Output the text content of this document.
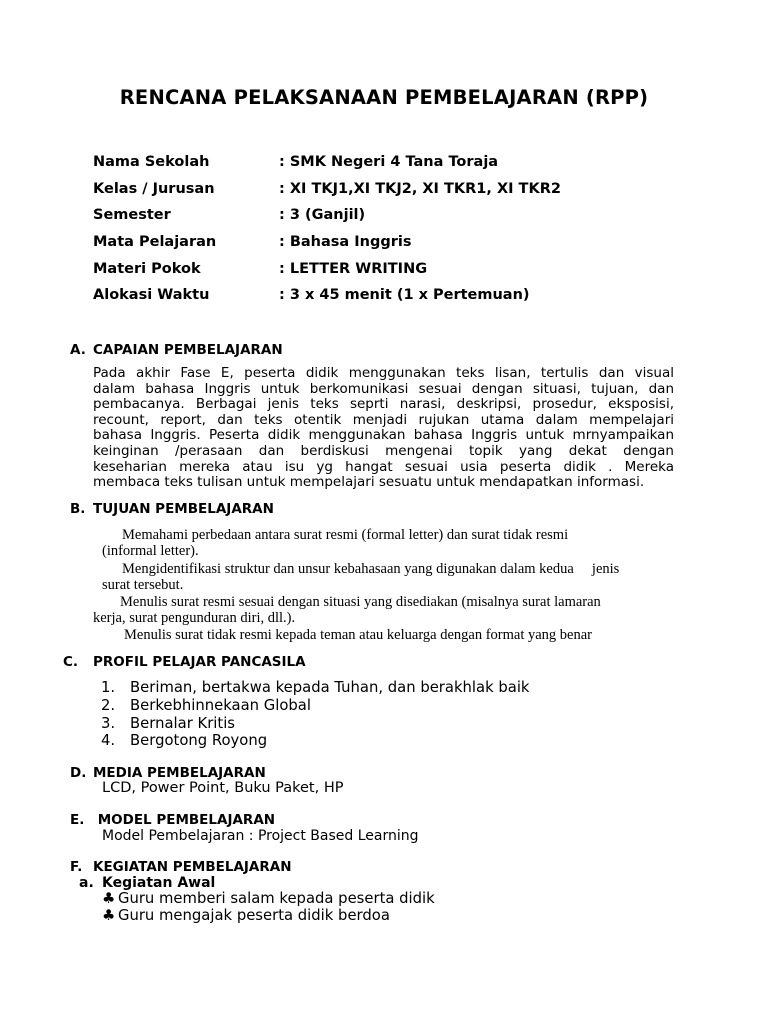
RENCANA PELAKSANAAN PEMBELAJARAN (RPP)
Nama Sekolah	: SMK Negeri 4 Tana Toraja
Kelas / Jurusan	: XI TKJ1,XI TKJ2, XI TKR1, XI TKR2
Semester	: 3 (Ganjil)
Mata Pelajaran	: Bahasa Inggris
Materi Pokok	: LETTER WRITING
Alokasi Waktu	: 3 x 45 menit (1 x Pertemuan)
A. CAPAIAN PEMBELAJARAN

Pada akhir Fase E, peserta didik menggunakan teks lisan, tertulis dan visual

dalam bahasa Inggris untuk berkomunikasi sesuai dengan situasi, tujuan, dan

pembacanya. Berbagai jenis teks seprti narasi, deskripsi, prosedur, eksposisi,

recount, report, dan teks otentik menjadi rujukan utama dalam mempelajari

bahasa Inggris. Peserta didik menggunakan bahasa Inggris untuk mrnyampaikan

keinginan /perasaan dan berdiskusi mengenai topik yang dekat dengan

keseharian mereka atau isu yg hangat sesuai usia peserta didik . Mereka

membaca teks tulisan untuk mempelajari sesuatu untuk mendapatkan informasi.

B. TUJUAN PEMBELAJARAN
Memahami perbedaan antara surat resmi (formal letter) dan surat tidak resmi
(informal letter).
Mengidentifikasi struktur dan unsur kebahasaan yang digunakan dalam kedua     jenis
surat tersebut.
Menulis surat resmi sesuai dengan situasi yang disediakan (misalnya surat lamaran
kerja, surat pengunduran diri, dll.).
Menulis surat tidak resmi kepada teman atau keluarga dengan format yang benar
C. PROFIL PELAJAR PANCASILA
1. Beriman, bertakwa kepada Tuhan, dan berakhlak baik
2. Berkebhinnekaan Global
3. Bernalar Kritis
4. Bergotong Royong
D. MEDIA PEMBELAJARAN
LCD, Power Point, Buku Paket, HP
E. MODEL PEMBELAJARAN
Model Pembelajaran : Project Based Learning
F. KEGIATAN PEMBELAJARAN
a. Kegiatan Awal
♣ Guru memberi salam kepada peserta didik
♣ Guru mengajak peserta didik berdoa
